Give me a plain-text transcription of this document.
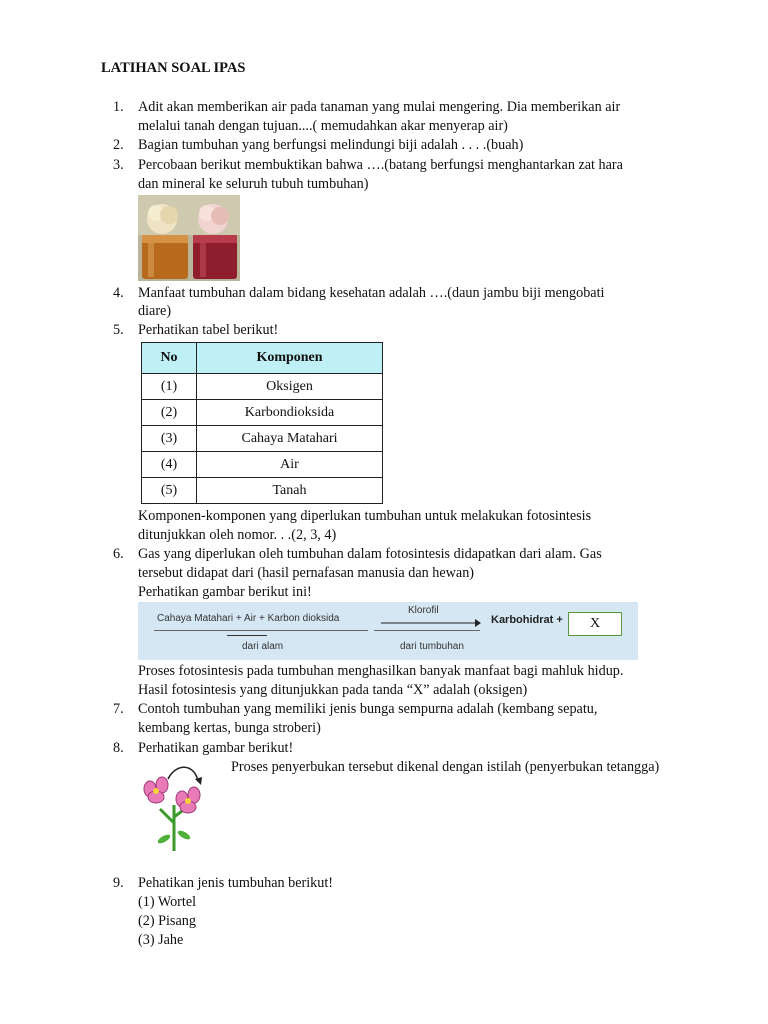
LATIHAN SOAL IPAS
1. Adit akan memberikan air pada tanaman yang mulai mengering. Dia memberikan air
melalui tanah dengan tujuan....( memudahkan akar menyerap air)
2. Bagian tumbuhan yang berfungsi melindungi biji adalah . . . .(buah)
3. Percobaan berikut membuktikan bahwa ….(batang berfungsi menghantarkan zat hara
dan mineral ke seluruh tubuh tumbuhan)
4. Manfaat tumbuhan dalam bidang kesehatan adalah ….(daun jambu biji mengobati
diare)
5. Perhatikan tabel berikut!
No	Komponen
(1)	Oksigen
(2)	Karbondioksida
(3)	Cahaya Matahari
(4)	Air
(5)	Tanah
Komponen-komponen yang diperlukan tumbuhan untuk melakukan fotosintesis
ditunjukkan oleh nomor. . .(2, 3, 4)
6. Gas yang diperlukan oleh tumbuhan dalam fotosintesis didapatkan dari alam. Gas
tersebut didapat dari (hasil pernafasan manusia dan hewan)
Perhatikan gambar berikut ini!
Cahaya Matahari + Air + Karbon dioksida
dari alam
Klorofil
dari tumbuhan
Karbohidrat +	X
Proses fotosintesis pada tumbuhan menghasilkan banyak manfaat bagi mahluk hidup.
Hasil fotosintesis yang ditunjukkan pada tanda “X” adalah (oksigen)
7. Contoh tumbuhan yang memiliki jenis bunga sempurna adalah (kembang sepatu,
kembang kertas, bunga stroberi)
8. Perhatikan gambar berikut!
Proses penyerbukan tersebut dikenal dengan istilah (penyerbukan tetangga)
9. Pehatikan jenis tumbuhan berikut!
(1) Wortel
(2) Pisang
(3) Jahe
